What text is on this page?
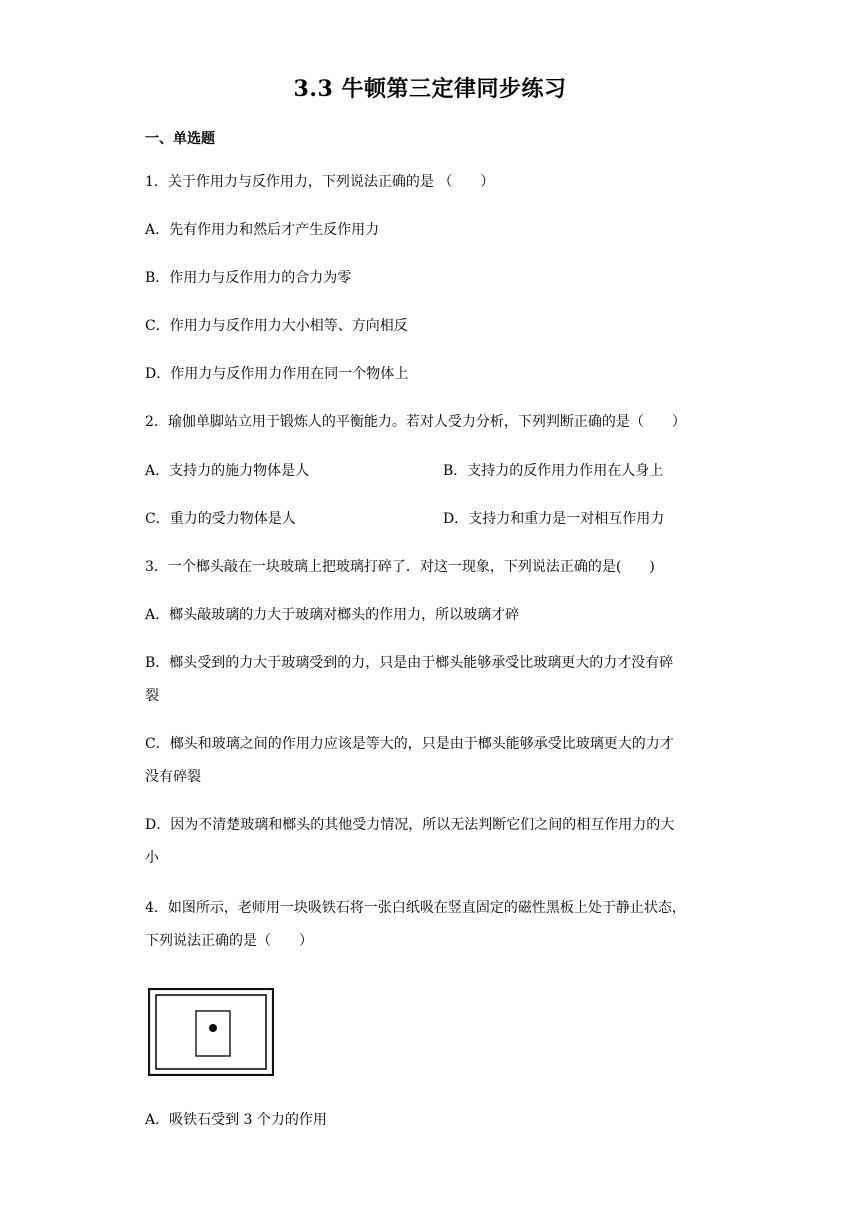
3.3 牛顿第三定律同步练习
一、单选题
1．关于作用力与反作用力，下列说法正确的是 （　　）
A．先有作用力和然后才产生反作用力
B．作用力与反作用力的合力为零
C．作用力与反作用力大小相等、方向相反
D．作用力与反作用力作用在同一个物体上
2．瑜伽单脚站立用于锻炼人的平衡能力。若对人受力分析，下列判断正确的是（　　）
A．支持力的施力物体是人	B．支持力的反作用力作用在人身上
C．重力的受力物体是人	D．支持力和重力是一对相互作用力
3．一个榔头敲在一块玻璃上把玻璃打碎了．对这一现象，下列说法正确的是(　　)
A．榔头敲玻璃的力大于玻璃对榔头的作用力，所以玻璃才碎
B．榔头受到的力大于玻璃受到的力，只是由于榔头能够承受比玻璃更大的力才没有碎
裂
C．榔头和玻璃之间的作用力应该是等大的，只是由于榔头能够承受比玻璃更大的力才
没有碎裂
D．因为不清楚玻璃和榔头的其他受力情况，所以无法判断它们之间的相互作用力的大
小
4．如图所示，老师用一块吸铁石将一张白纸吸在竖直固定的磁性黑板上处于静止状态，
下列说法正确的是（　　）
A．吸铁石受到 3 个力的作用
